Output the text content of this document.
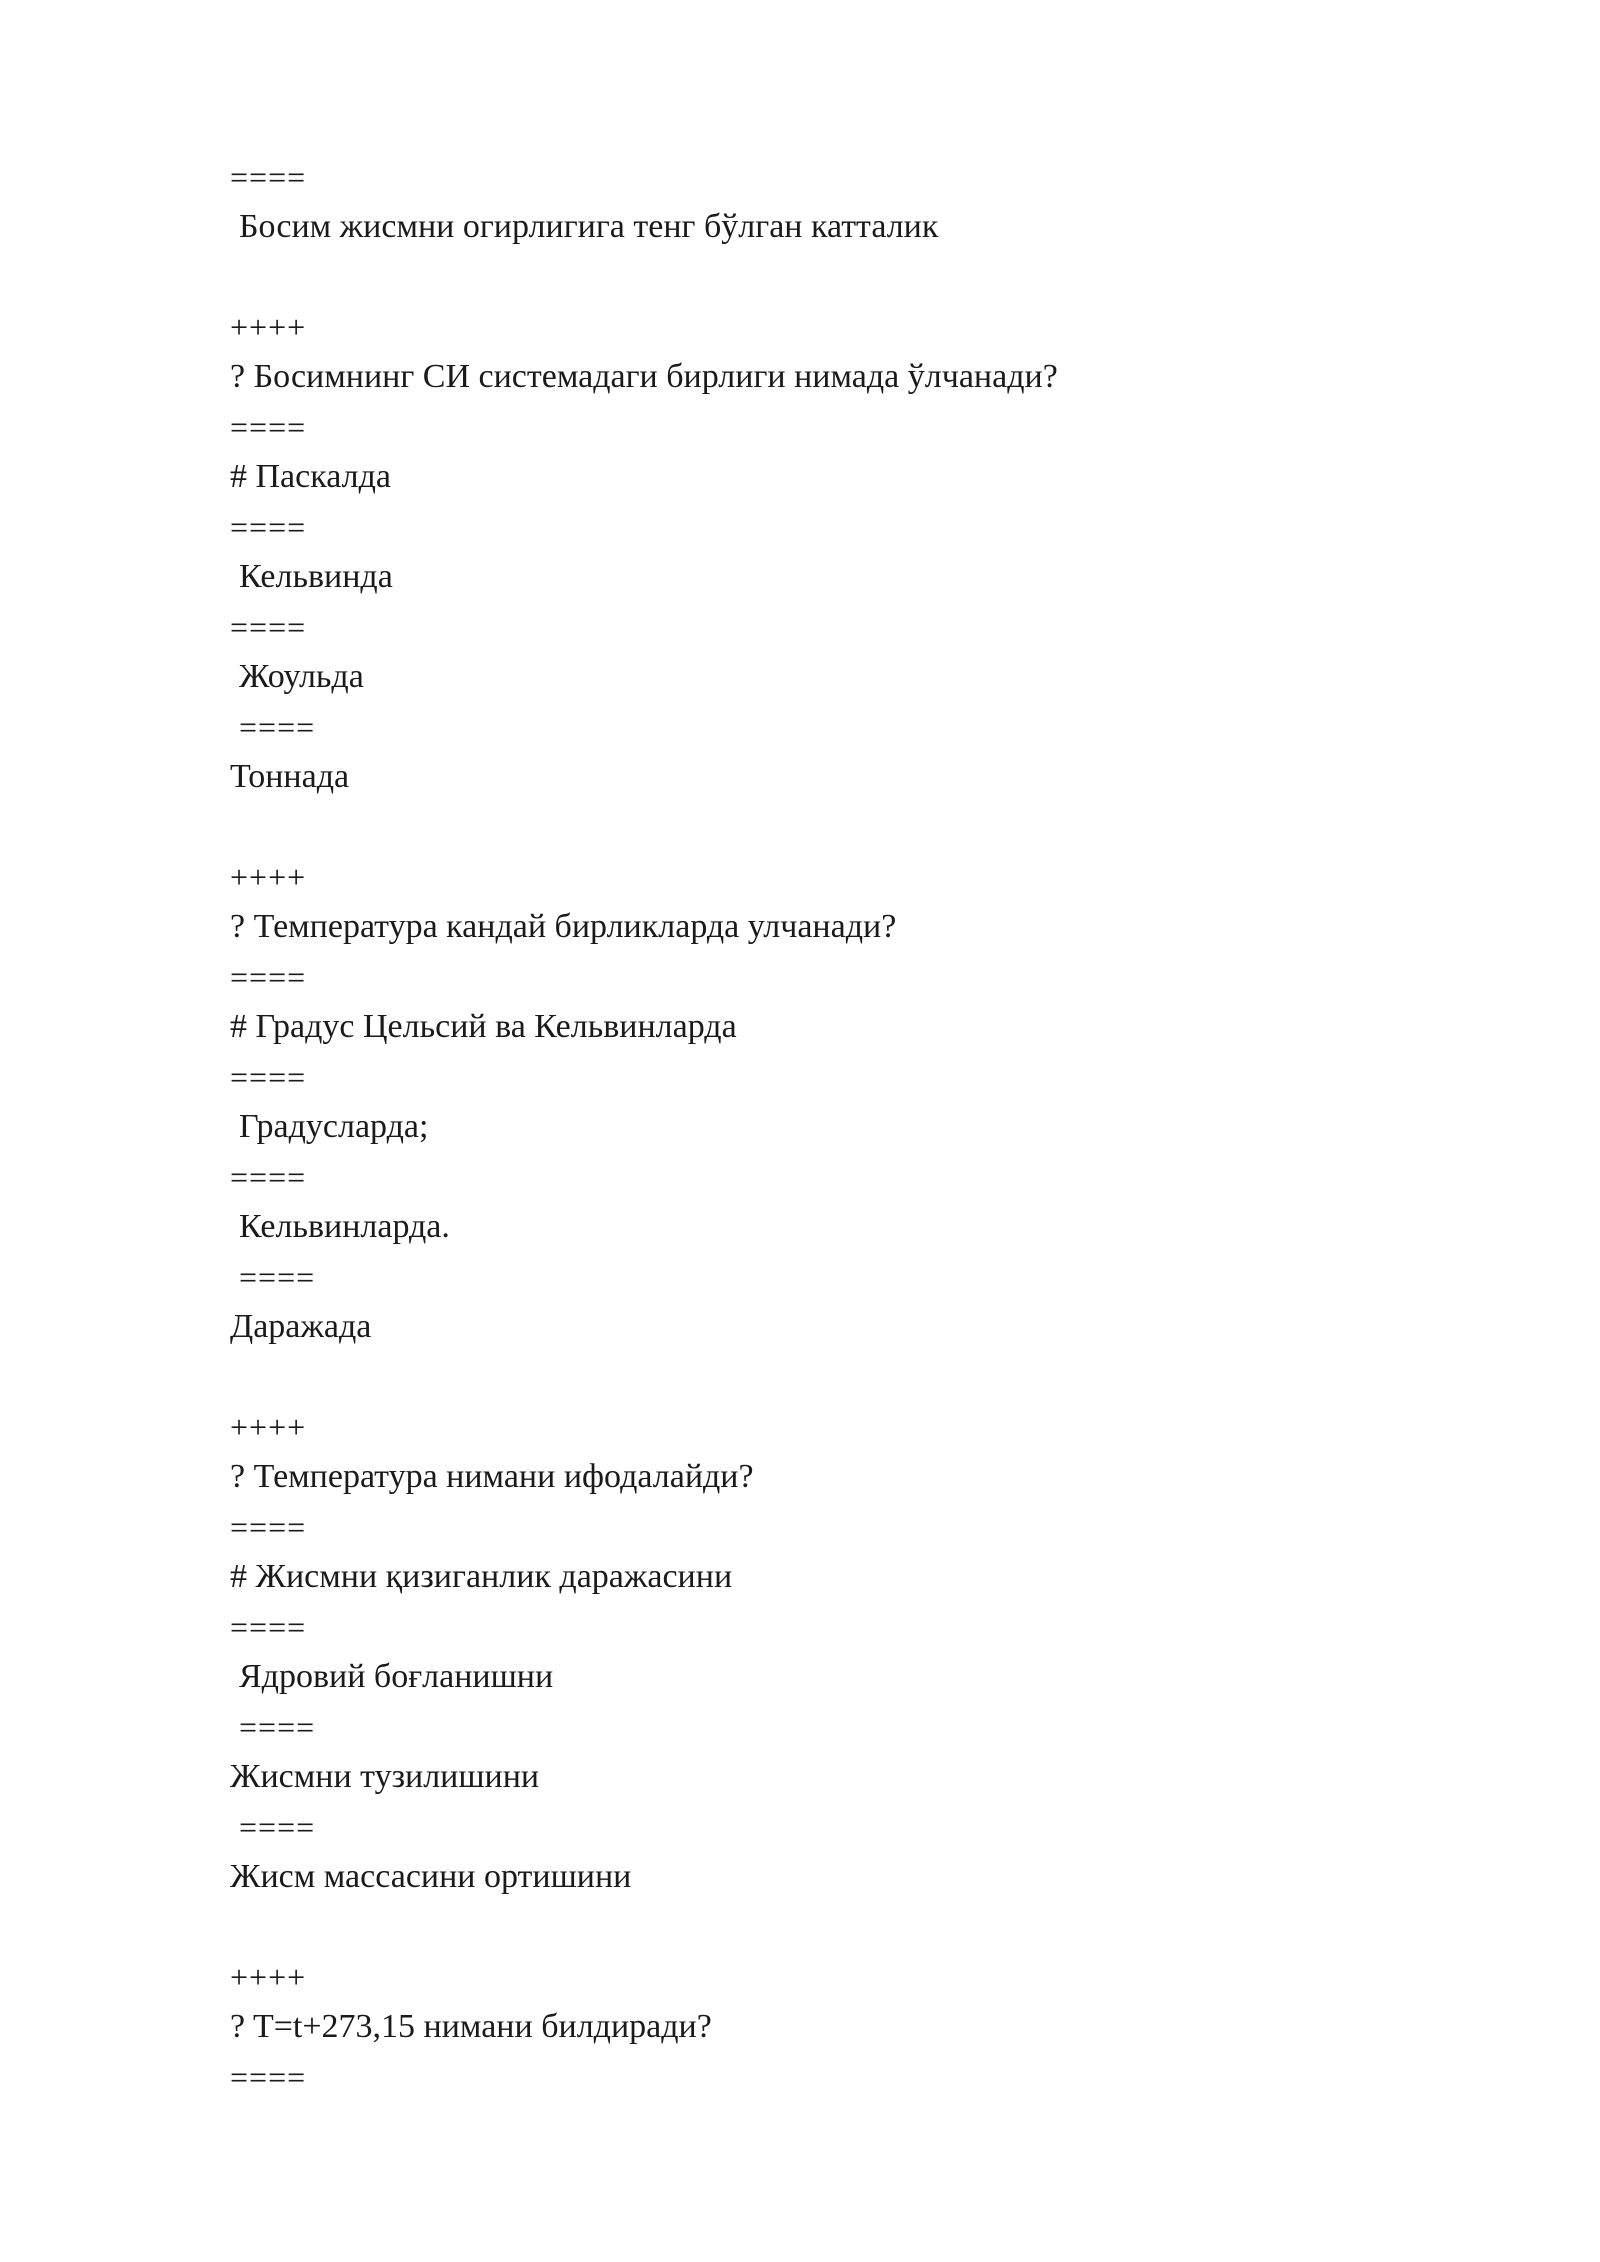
====
Босим жисмни огирлигига тенг бўлган катталик
++++
? Босимнинг СИ системадаги бирлиги нимада ўлчанади?
====
# Паскалда
====
Кельвинда
====
Жоульда
====
Тоннада
++++
? Температура кандай бирликларда улчанади?
====
# Градус Цельсий ва Кельвинларда
====
Градусларда;
====
Кельвинларда.
====
Даражада
++++
? Температура нимани ифодалайди?
====
# Жисмни қизиганлик даражасини
====
Ядровий боғланишни
====
Жисмни тузилишини
====
Жисм массасини ортишини
++++
? T=t+273,15 нимани билдиради?
====
